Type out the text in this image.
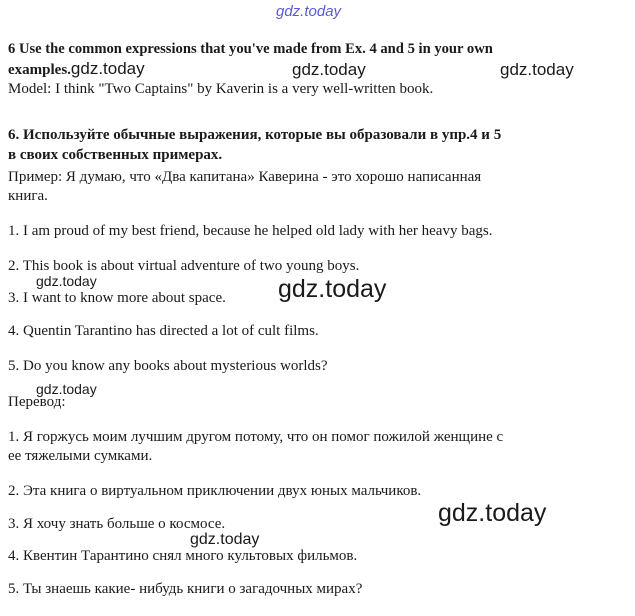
gdz.today
6 Use the common expressions that you've made from Ex. 4 and 5 in your own
examples.gdz.today	gdz.today	gdz.today
Model: I think "Two Captains" by Kaverin is a very well-written book.
6. Используйте обычные выражения, которые вы образовали в упр.4 и 5
в своих собственных примерах.
Пример: Я думаю, что «Два капитана» Каверина - это хорошо написанная
книга.
1. I am proud of my best friend, because he helped old lady with her heavy bags.
2. This book is about virtual adventure of two young boys.
3. I want to know more about space. gdz.today
gdz.today
4. Quentin Tarantino has directed a lot of cult films.
5. Do you know any books about mysterious worlds?
gdz.today
Перевод:
1. Я горжусь моим лучшим другом потому, что он помог пожилой женщине с
ее тяжелыми сумками.
2. Эта книга о виртуальном приключении двух юных мальчиков.
gdz.today
3. Я хочу знать больше о космосе.
gdz.today
4. Квентин Тарантино снял много культовых фильмов.
5. Ты знаешь какие- нибудь книги о загадочных мирах?
